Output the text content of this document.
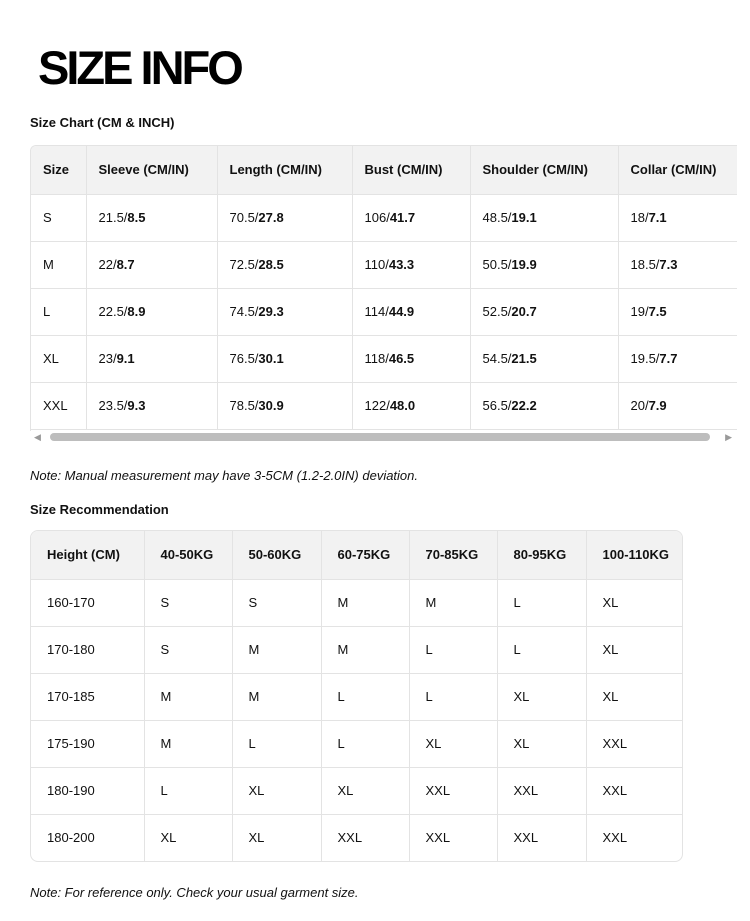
SIZE INFO

Size Chart (CM & INCH)

Size	Sleeve (CM/IN)	Length (CM/IN)	Bust (CM/IN)	Shoulder (CM/IN)	Collar (CM/IN)
S	21.5/8.5	70.5/27.8	106/41.7	48.5/19.1	18/7.1
M	22/8.7	72.5/28.5	110/43.3	50.5/19.9	18.5/7.3
L	22.5/8.9	74.5/29.3	114/44.9	52.5/20.7	19/7.5
XL	23/9.1	76.5/30.1	118/46.5	54.5/21.5	19.5/7.7
XXL	23.5/9.3	78.5/30.9	122/48.0	56.5/22.2	20/7.9
◀	▶

Note: Manual measurement may have 3-5CM (1.2-2.0IN) deviation.

Size Recommendation

Height (CM)	40-50KG	50-60KG	60-75KG	70-85KG	80-95KG	100-110KG
160-170	S	S	M	M	L	XL
170-180	S	M	M	L	L	XL
170-185	M	M	L	L	XL	XL
175-190	M	L	L	XL	XL	XXL
180-190	L	XL	XL	XXL	XXL	XXL
180-200	XL	XL	XXL	XXL	XXL	XXL

Note: For reference only. Check your usual garment size.
